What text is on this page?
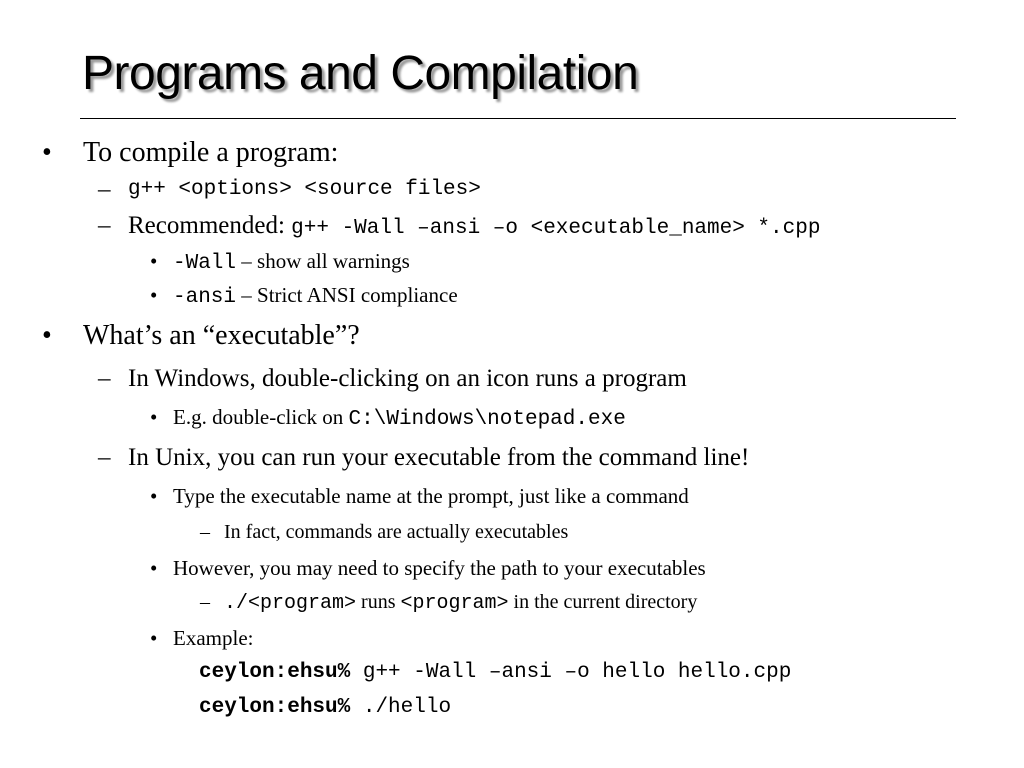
Programs and Compilation
• To compile a program:
– g++ <options> <source files>
– Recommended: g++ -Wall –ansi –o <executable_name> *.cpp
• -Wall – show all warnings
• -ansi – Strict ANSI compliance
• What’s an “executable”?
– In Windows, double-clicking on an icon runs a program
• E.g. double-click on C:\Windows\notepad.exe
– In Unix, you can run your executable from the command line!
• Type the executable name at the prompt, just like a command
– In fact, commands are actually executables
• However, you may need to specify the path to your executables
– ./<program> runs <program> in the current directory
• Example:
ceylon:ehsu% g++ -Wall –ansi –o hello hello.cpp
ceylon:ehsu% ./hello
